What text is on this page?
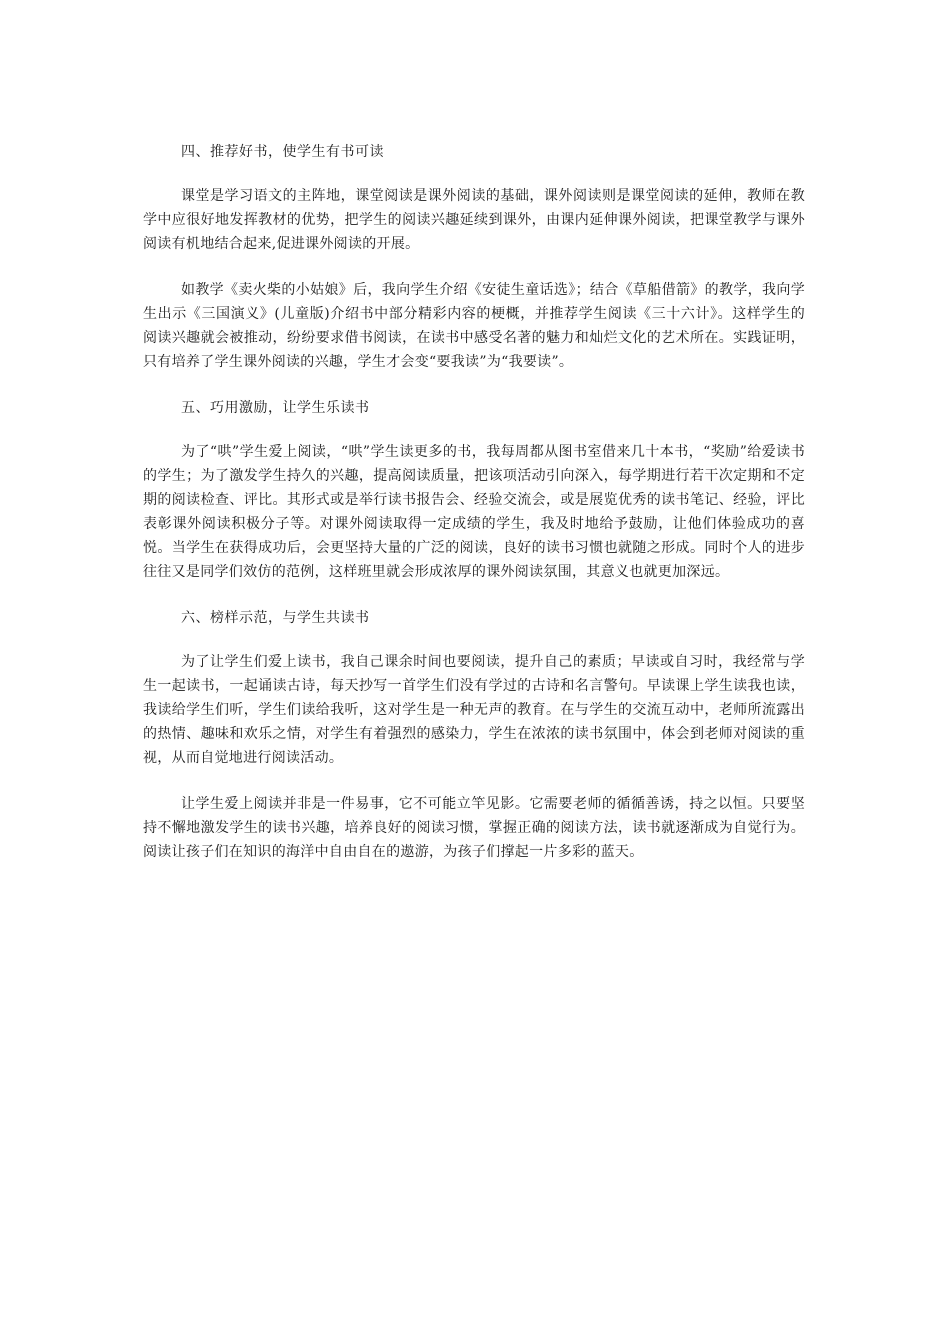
四、推荐好书，使学生有书可读

课堂是学习语文的主阵地，课堂阅读是课外阅读的基础，课外阅读则是课堂阅读的延伸，教师在教学中应很好地发挥教材的优势，把学生的阅读兴趣延续到课外，由课内延伸课外阅读，把课堂教学与课外阅读有机地结合起来,促进课外阅读的开展。

如教学《卖火柴的小姑娘》后，我向学生介绍《安徒生童话选》；结合《草船借箭》的教学，我向学生出示《三国演义》(儿童版)介绍书中部分精彩内容的梗概，并推荐学生阅读《三十六计》。这样学生的阅读兴趣就会被推动，纷纷要求借书阅读，在读书中感受名著的魅力和灿烂文化的艺术所在。实践证明，只有培养了学生课外阅读的兴趣，学生才会变“要我读”为“我要读”。

五、巧用激励，让学生乐读书

为了“哄”学生爱上阅读，“哄”学生读更多的书，我每周都从图书室借来几十本书，“奖励”给爱读书的学生；为了激发学生持久的兴趣，提高阅读质量，把该项活动引向深入，每学期进行若干次定期和不定期的阅读检查、评比。其形式或是举行读书报告会、经验交流会，或是展览优秀的读书笔记、经验，评比表彰课外阅读积极分子等。对课外阅读取得一定成绩的学生，我及时地给予鼓励，让他们体验成功的喜悦。当学生在获得成功后，会更坚持大量的广泛的阅读，良好的读书习惯也就随之形成。同时个人的进步往往又是同学们效仿的范例，这样班里就会形成浓厚的课外阅读氛围，其意义也就更加深远。

六、榜样示范，与学生共读书

为了让学生们爱上读书，我自己课余时间也要阅读，提升自己的素质；早读或自习时，我经常与学生一起读书，一起诵读古诗，每天抄写一首学生们没有学过的古诗和名言警句。早读课上学生读我也读，我读给学生们听，学生们读给我听，这对学生是一种无声的教育。在与学生的交流互动中，老师所流露出的热情、趣味和欢乐之情，对学生有着强烈的感染力，学生在浓浓的读书氛围中，体会到老师对阅读的重视，从而自觉地进行阅读活动。

让学生爱上阅读并非是一件易事，它不可能立竿见影。它需要老师的循循善诱，持之以恒。只要坚持不懈地激发学生的读书兴趣，培养良好的阅读习惯，掌握正确的阅读方法，读书就逐渐成为自觉行为。阅读让孩子们在知识的海洋中自由自在的遨游，为孩子们撑起一片多彩的蓝天。
